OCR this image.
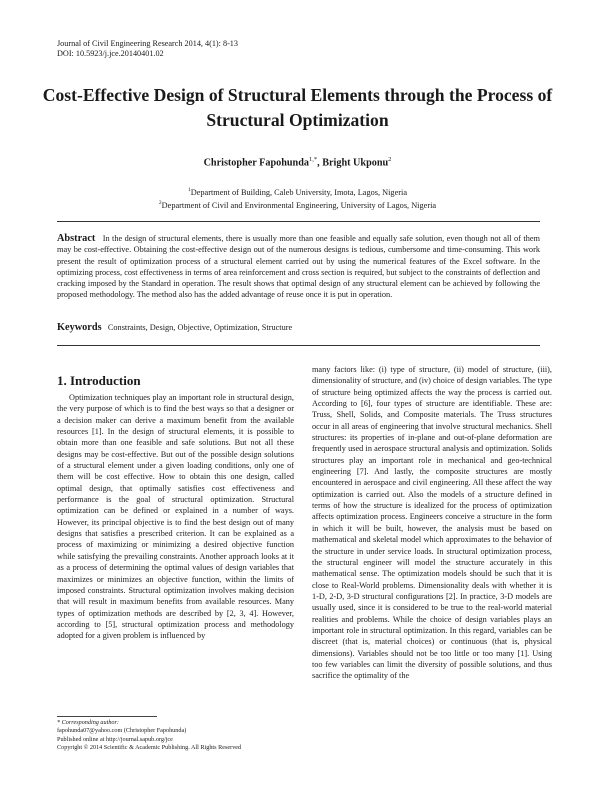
Journal of Civil Engineering Research 2014, 4(1): 8-13
DOI: 10.5923/j.jce.20140401.02
Cost-Effective Design of Structural Elements through the Process of Structural Optimization
Christopher Fapohunda$^{1,*}$, Bright Ukponu$^2$
$^1$Department of Building, Caleb University, Imota, Lagos, Nigeria
$^2$Department of Civil and Environmental Engineering, University of Lagos, Nigeria
Abstract In the design of structural elements, there is usually more than one feasible and equally safe solution, even though not all of them may be cost-effective. Obtaining the cost-effective design out of the numerous designs is tedious, cumbersome and time-consuming. This work present the result of optimization process of a structural element carried out by using the numerical features of the Excel software. In the optimizing process, cost effectiveness in terms of area reinforcement and cross section is required, but subject to the constraints of deflection and cracking imposed by the Standard in operation. The result shows that optimal design of any structural element can be achieved by following the proposed methodology. The method also has the added advantage of reuse once it is put in operation.
Keywords Constraints, Design, Objective, Optimization, Structure
1. Introduction
Optimization techniques play an important role in structural design, the very purpose of which is to find the best ways so that a designer or a decision maker can derive a maximum benefit from the available resources [1]. In the design of structural elements, it is possible to obtain more than one feasible and safe solutions. But not all these designs may be cost-effective. But out of the possible design solutions of a structural element under a given loading conditions, only one of them will be cost effective. How to obtain this one design, called optimal design, that optimally satisfies cost effectiveness and performance is the goal of structural optimization. Structural optimization can be defined or explained in a number of ways. However, its principal objective is to find the best design out of many designs that satisfies a prescribed criterion. It can be explained as a process of maximizing or minimizing a desired objective function while satisfying the prevailing constraints. Another approach looks at it as a process of determining the optimal values of design variables that maximizes or minimizes an objective function, within the limits of imposed constraints. Structural optimization involves making decision that will result in maximum benefits from available resources. Many types of optimization methods are described by [2, 3, 4]. However, according to [5], structural optimization process and methodology adopted for a given problem is influenced by
many factors like: (i) type of structure, (ii) model of structure, (iii), dimensionality of structure, and (iv) choice of design variables. The type of structure being optimized affects the way the process is carried out. According to [6], four types of structure are identifiable. These are: Truss, Shell, Solids, and Composite materials. The Truss structures occur in all areas of engineering that involve structural mechanics. Shell structures: its properties of in-plane and out-of-plane deformation are frequently used in aerospace structural analysis and optimization. Solids structures play an important role in mechanical and geo-technical engineering [7]. And lastly, the composite structures are mostly encountered in aerospace and civil engineering. All these affect the way optimization is carried out. Also the models of a structure defined in terms of how the structure is idealized for the process of optimization affects optimization process. Engineers conceive a structure in the form in which it will be built, however, the analysis must be based on mathematical and skeletal model which approximates to the behavior of the structure in under service loads. In structural optimization process, the structural engineer will model the structure accurately in this mathematical sense. The optimization models should be such that it is close to Real-World problems. Dimensionality deals with whether it is 1-D, 2-D, 3-D structural configurations [2]. In practice, 3-D models are usually used, since it is considered to be true to the real-world material realities and problems. While the choice of design variables plays an important role in structural optimization. In this regard, variables can be discreet (that is, material choices) or continuous (that is, physical dimensions). Variables should not be too little or too many [1]. Using too few variables can limit the diversity of possible solutions, and thus sacrifice the optimality of the
* Corresponding author:
fapohunda07@yahoo.com (Christopher Fapohunda)
Published online at http://journal.sapub.org/jce
Copyright © 2014 Scientific & Academic Publishing. All Rights Reserved
